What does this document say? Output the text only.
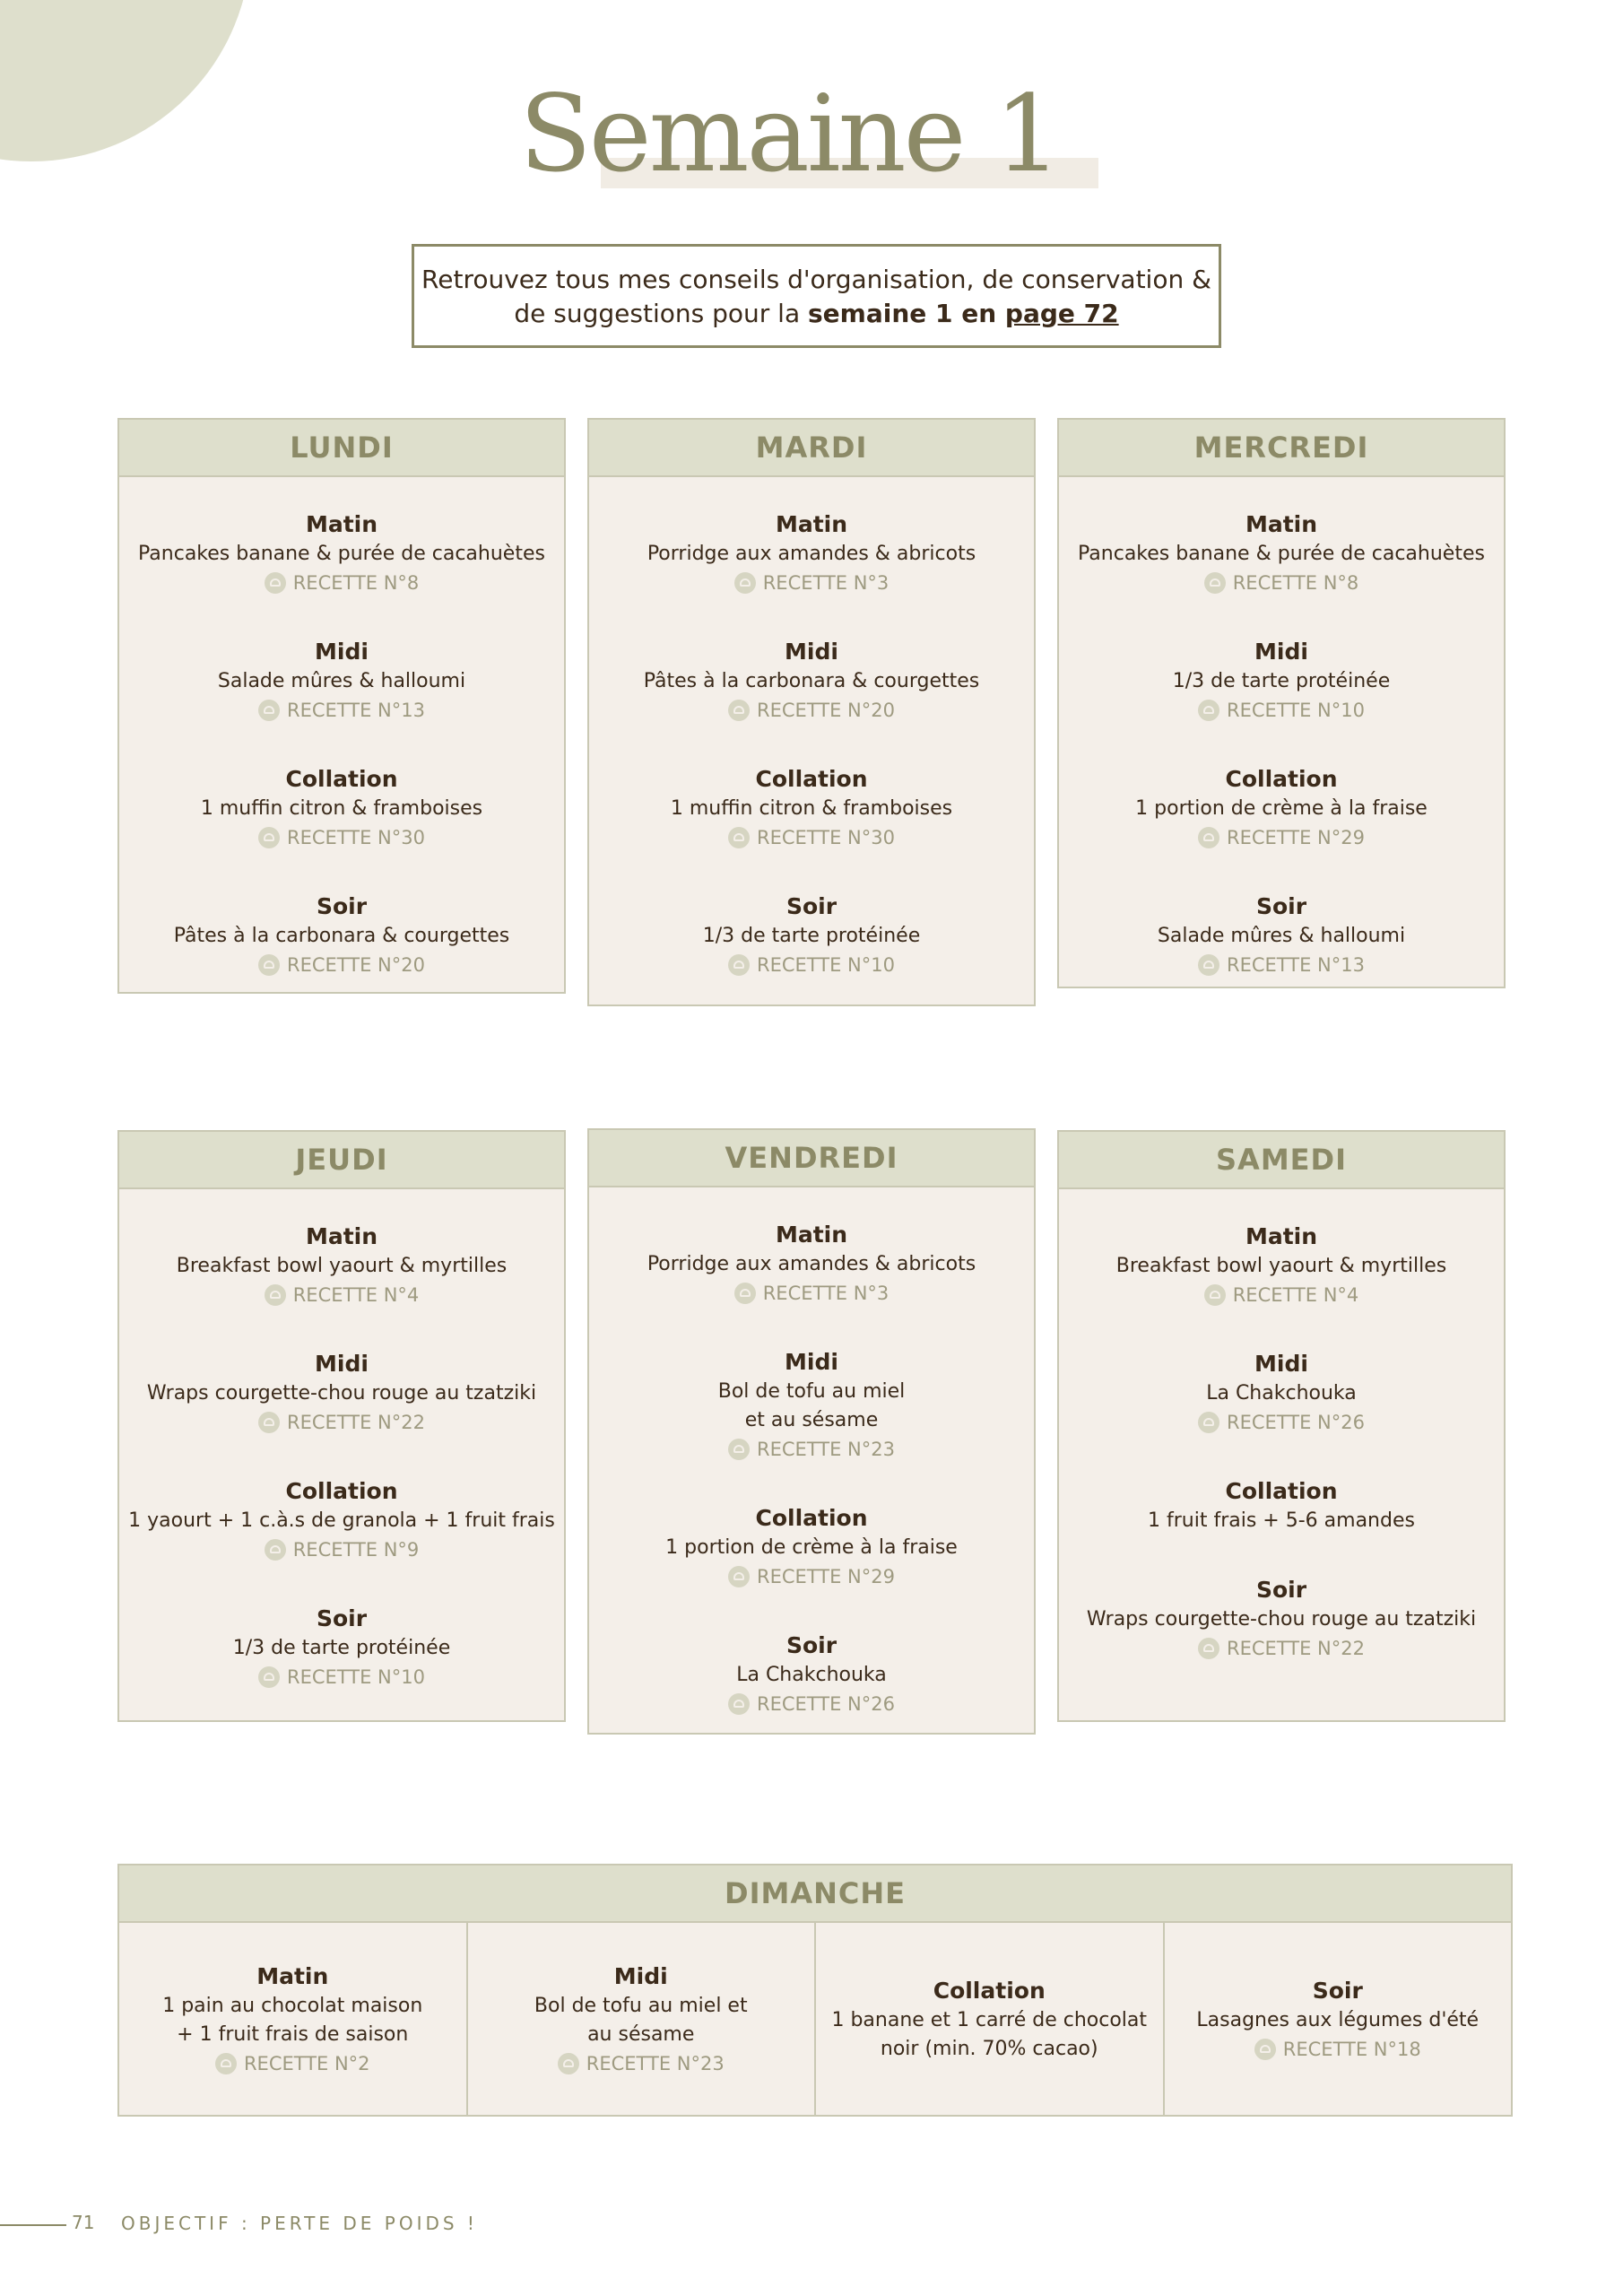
Semaine 1
Retrouvez tous mes conseils d'organisation, de conservation &
de suggestions pour la semaine 1 en page 72
LUNDI
Matin
Pancakes banane & purée de cacahuètes
RECETTE N°8
Midi
Salade mûres & halloumi
RECETTE N°13
Collation
1 muffin citron & framboises
RECETTE N°30
Soir
Pâtes à la carbonara & courgettes
RECETTE N°20
MARDI
Matin
Porridge aux amandes & abricots
RECETTE N°3
Midi
Pâtes à la carbonara & courgettes
RECETTE N°20
Collation
1 muffin citron & framboises
RECETTE N°30
Soir
1/3 de tarte protéinée
RECETTE N°10
MERCREDI
Matin
Pancakes banane & purée de cacahuètes
RECETTE N°8
Midi
1/3 de tarte protéinée
RECETTE N°10
Collation
1 portion de crème à la fraise
RECETTE N°29
Soir
Salade mûres & halloumi
RECETTE N°13
JEUDI
Matin
Breakfast bowl yaourt & myrtilles
RECETTE N°4
Midi
Wraps courgette-chou rouge au tzatziki
RECETTE N°22
Collation
1 yaourt + 1 c.à.s de granola + 1 fruit frais
RECETTE N°9
Soir
1/3 de tarte protéinée
RECETTE N°10
VENDREDI
Matin
Porridge aux amandes & abricots
RECETTE N°3
Midi
Bol de tofu au miel
et au sésame
RECETTE N°23
Collation
1 portion de crème à la fraise
RECETTE N°29
Soir
La Chakchouka
RECETTE N°26
SAMEDI
Matin
Breakfast bowl yaourt & myrtilles
RECETTE N°4
Midi
La Chakchouka
RECETTE N°26
Collation
1 fruit frais + 5-6 amandes
Soir
Wraps courgette-chou rouge au tzatziki
RECETTE N°22
DIMANCHE
Matin
1 pain au chocolat maison
+ 1 fruit frais de saison
RECETTE N°2
Midi
Bol de tofu au miel et
au sésame
RECETTE N°23
Collation
1 banane et 1 carré de chocolat
noir (min. 70% cacao)
Soir
Lasagnes aux légumes d'été
RECETTE N°18
71 OBJECTIF : PERTE DE POIDS !
